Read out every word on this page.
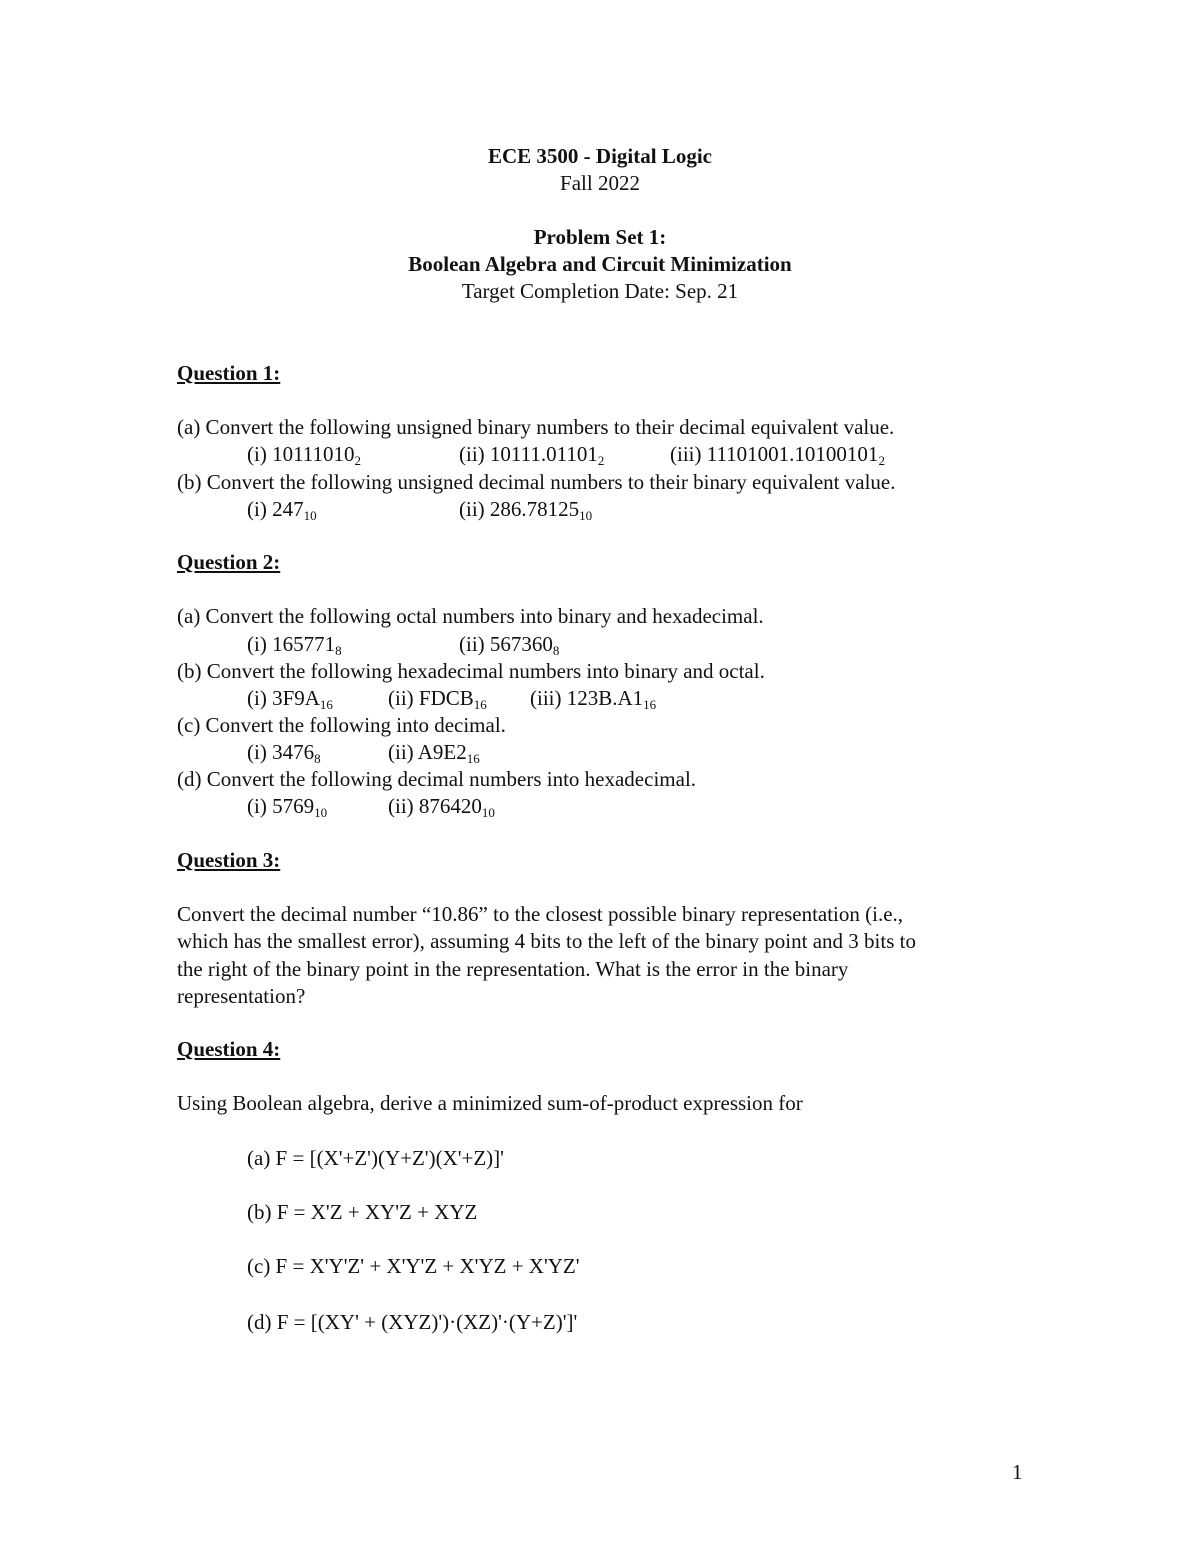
ECE 3500 - Digital Logic
Fall 2022
Problem Set 1:
Boolean Algebra and Circuit Minimization
Target Completion Date: Sep. 21
Question 1:
(a) Convert the following unsigned binary numbers to their decimal equivalent value.
(i) $10111010_2$	(ii) $10111.01101_2$	(iii) $11101001.10100101_2$
(b) Convert the following unsigned decimal numbers to their binary equivalent value.
(i) $247_{10}$	(ii) $286.78125_{10}$
Question 2:
(a) Convert the following octal numbers into binary and hexadecimal.
(i) $165771_8$	(ii) $567360_8$
(b) Convert the following hexadecimal numbers into binary and octal.
(i) $3F9A_{16}$	(ii) $FDCB_{16}$ (iii) $123B.A1_{16}$
(c) Convert the following into decimal.
(i) $3476_8$	(ii) $A9E2_{16}$
(d) Convert the following decimal numbers into hexadecimal.
(i) $5769_{10}$	(ii) $876420_{10}$
Question 3:
Convert the decimal number “10.86” to the closest possible binary representation (i.e.,
which has the smallest error), assuming 4 bits to the left of the binary point and 3 bits to
the right of the binary point in the representation. What is the error in the binary
representation?
Question 4:
Using Boolean algebra, derive a minimized sum-of-product expression for
(a) F = [(X'+Z')(Y+Z')(X'+Z)]'
(b) F = X'Z + XY'Z + XYZ
(c) F = X'Y'Z' + X'Y'Z + X'YZ + X'YZ'
(d) F = [(XY' + (XYZ)')·(XZ)'·(Y+Z)']'
1
